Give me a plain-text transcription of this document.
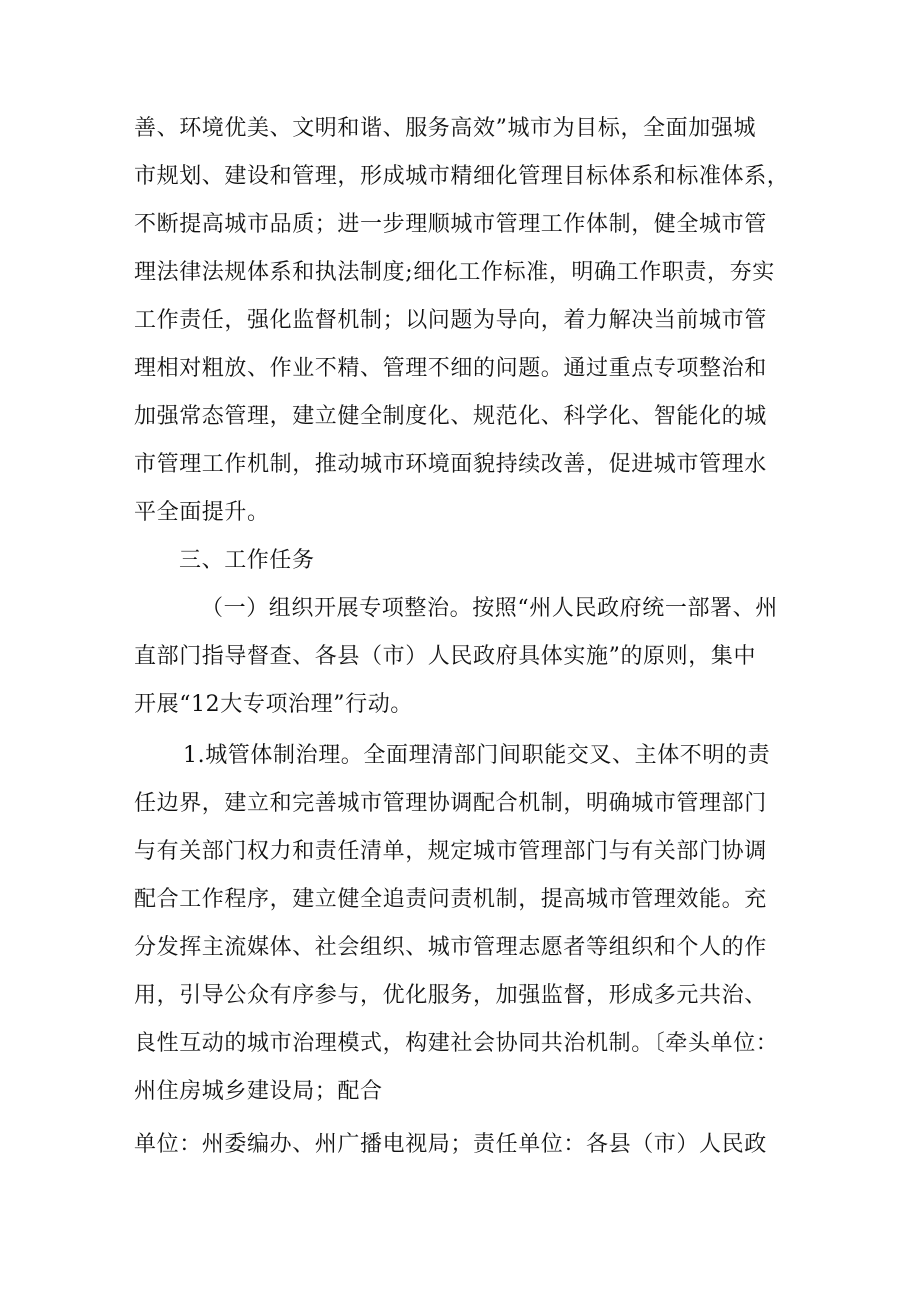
善、环境优美、文明和谐、服务高效”城市为目标，全面加强城
市规划、建设和管理，形成城市精细化管理目标体系和标准体系，
不断提高城市品质；进一步理顺城市管理工作体制，健全城市管
理法律法规体系和执法制度;细化工作标准，明确工作职责，夯实
工作责任，强化监督机制；以问题为导向，着力解决当前城市管
理相对粗放、作业不精、管理不细的问题。通过重点专项整治和
加强常态管理，建立健全制度化、规范化、科学化、智能化的城
市管理工作机制，推动城市环境面貌持续改善，促进城市管理水
平全面提升。
三、工作任务
（一）组织开展专项整治。按照“州人民政府统一部署、州
直部门指导督查、各县（市）人民政府具体实施”的原则，集中
开展“12大专项治理”行动。
1.城管体制治理。全面理清部门间职能交叉、主体不明的责
任边界，建立和完善城市管理协调配合机制，明确城市管理部门
与有关部门权力和责任清单，规定城市管理部门与有关部门协调
配合工作程序，建立健全追责问责机制，提高城市管理效能。充
分发挥主流媒体、社会组织、城市管理志愿者等组织和个人的作
用，引导公众有序参与，优化服务，加强监督，形成多元共治、
良性互动的城市治理模式，构建社会协同共治机制。〔牵头单位：
州住房城乡建设局；配合
单位：州委编办、州广播电视局；责任单位：各县（市）人民政
